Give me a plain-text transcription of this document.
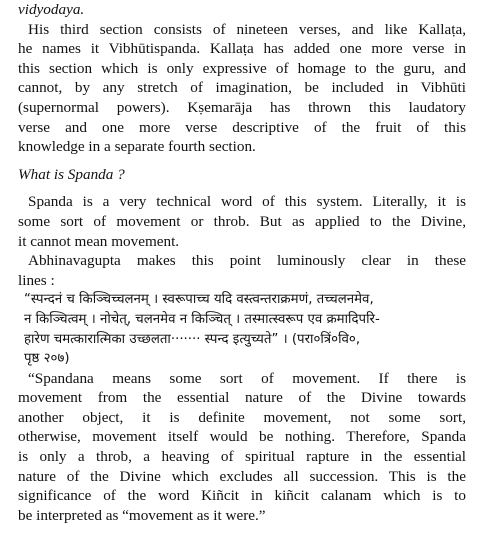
vidyodaya.
His third section consists of nineteen verses, and like Kallaṭa,
he names it Vibhūtispanda. Kallaṭa has added one more verse in
this section which is only expressive of homage to the guru, and
cannot, by any stretch of imagination, be included in Vibhūti
(supernormal powers). Kṣemarāja has thrown this laudatory
verse and one more verse descriptive of the fruit of this
knowledge in a separate fourth section.
What is Spanda ?
Spanda is a very technical word of this system. Literally, it is
some sort of movement or throb. But as applied to the Divine,
it cannot mean movement.
Abhinavagupta makes this point luminously clear in these
lines :
“स्पन्दनं च किञ्चिच्चलनम् । स्वरूपाच्च यदि वस्त्वन्तराक्रमणं, तच्चलनमेव,
न किञ्चित्वम् । नोचेत्, चलनमेव न किञ्चित् । तस्मात्स्वरूप एव क्रमादिपरि-
हारेण चमत्कारात्मिका उच्छलता······· स्पन्द इत्युच्यते” । (परा०त्रिं०वि०,
पृष्ठ २०७)
“Spandana means some sort of movement. If there is
movement from the essential nature of the Divine towards
another object, it is definite movement, not some sort,
otherwise, movement itself would be nothing. Therefore, Spanda
is only a throb, a heaving of spiritual rapture in the essential
nature of the Divine which excludes all succession. This is the
significance of the word Kiñcit in kiñcit calanam which is to
be interpreted as “movement as it were.”
